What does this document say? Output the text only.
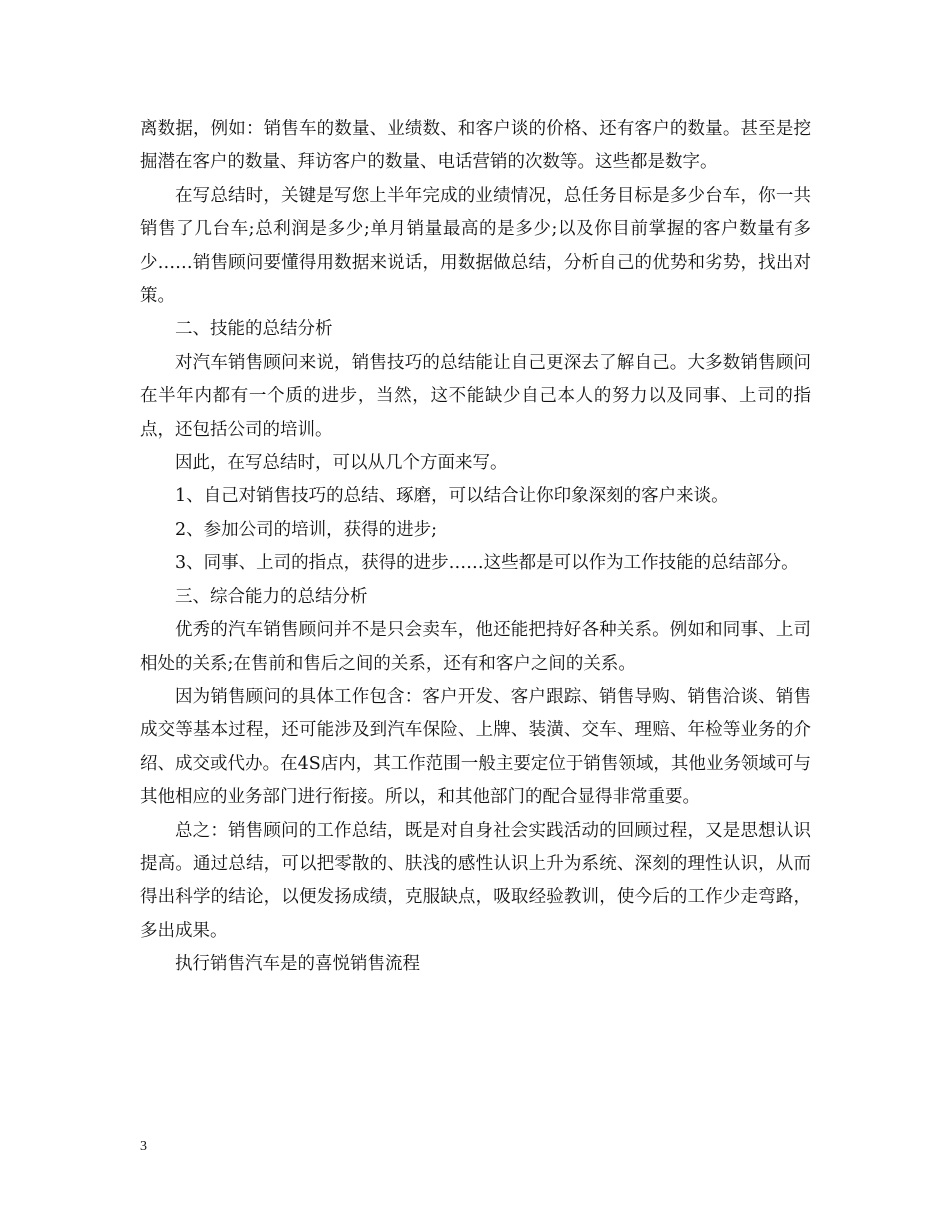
离数据，例如：销售车的数量、业绩数、和客户谈的价格、还有客户的数量。甚至是挖掘潜在客户的数量、拜访客户的数量、电话营销的次数等。这些都是数字。

在写总结时，关键是写您上半年完成的业绩情况，总任务目标是多少台车，你一共销售了几台车;总利润是多少;单月销量最高的是多少;以及你目前掌握的客户数量有多少……销售顾问要懂得用数据来说话，用数据做总结，分析自己的优势和劣势，找出对策。

二、技能的总结分析

对汽车销售顾问来说，销售技巧的总结能让自己更深去了解自己。大多数销售顾问在半年内都有一个质的进步，当然，这不能缺少自己本人的努力以及同事、上司的指点，还包括公司的培训。

因此，在写总结时，可以从几个方面来写。

1、自己对销售技巧的总结、琢磨，可以结合让你印象深刻的客户来谈。

2、参加公司的培训，获得的进步;

3、同事、上司的指点，获得的进步……这些都是可以作为工作技能的总结部分。

三、综合能力的总结分析

优秀的汽车销售顾问并不是只会卖车，他还能把持好各种关系。例如和同事、上司相处的关系;在售前和售后之间的关系，还有和客户之间的关系。

因为销售顾问的具体工作包含：客户开发、客户跟踪、销售导购、销售洽谈、销售成交等基本过程，还可能涉及到汽车保险、上牌、装潢、交车、理赔、年检等业务的介绍、成交或代办。在4S店内，其工作范围一般主要定位于销售领域，其他业务领域可与其他相应的业务部门进行衔接。所以，和其他部门的配合显得非常重要。

总之：销售顾问的工作总结，既是对自身社会实践活动的回顾过程，又是思想认识提高。通过总结，可以把零散的、肤浅的感性认识上升为系统、深刻的理性认识，从而得出科学的结论，以便发扬成绩，克服缺点，吸取经验教训，使今后的工作少走弯路，多出成果。

执行销售汽车是的喜悦销售流程

3
